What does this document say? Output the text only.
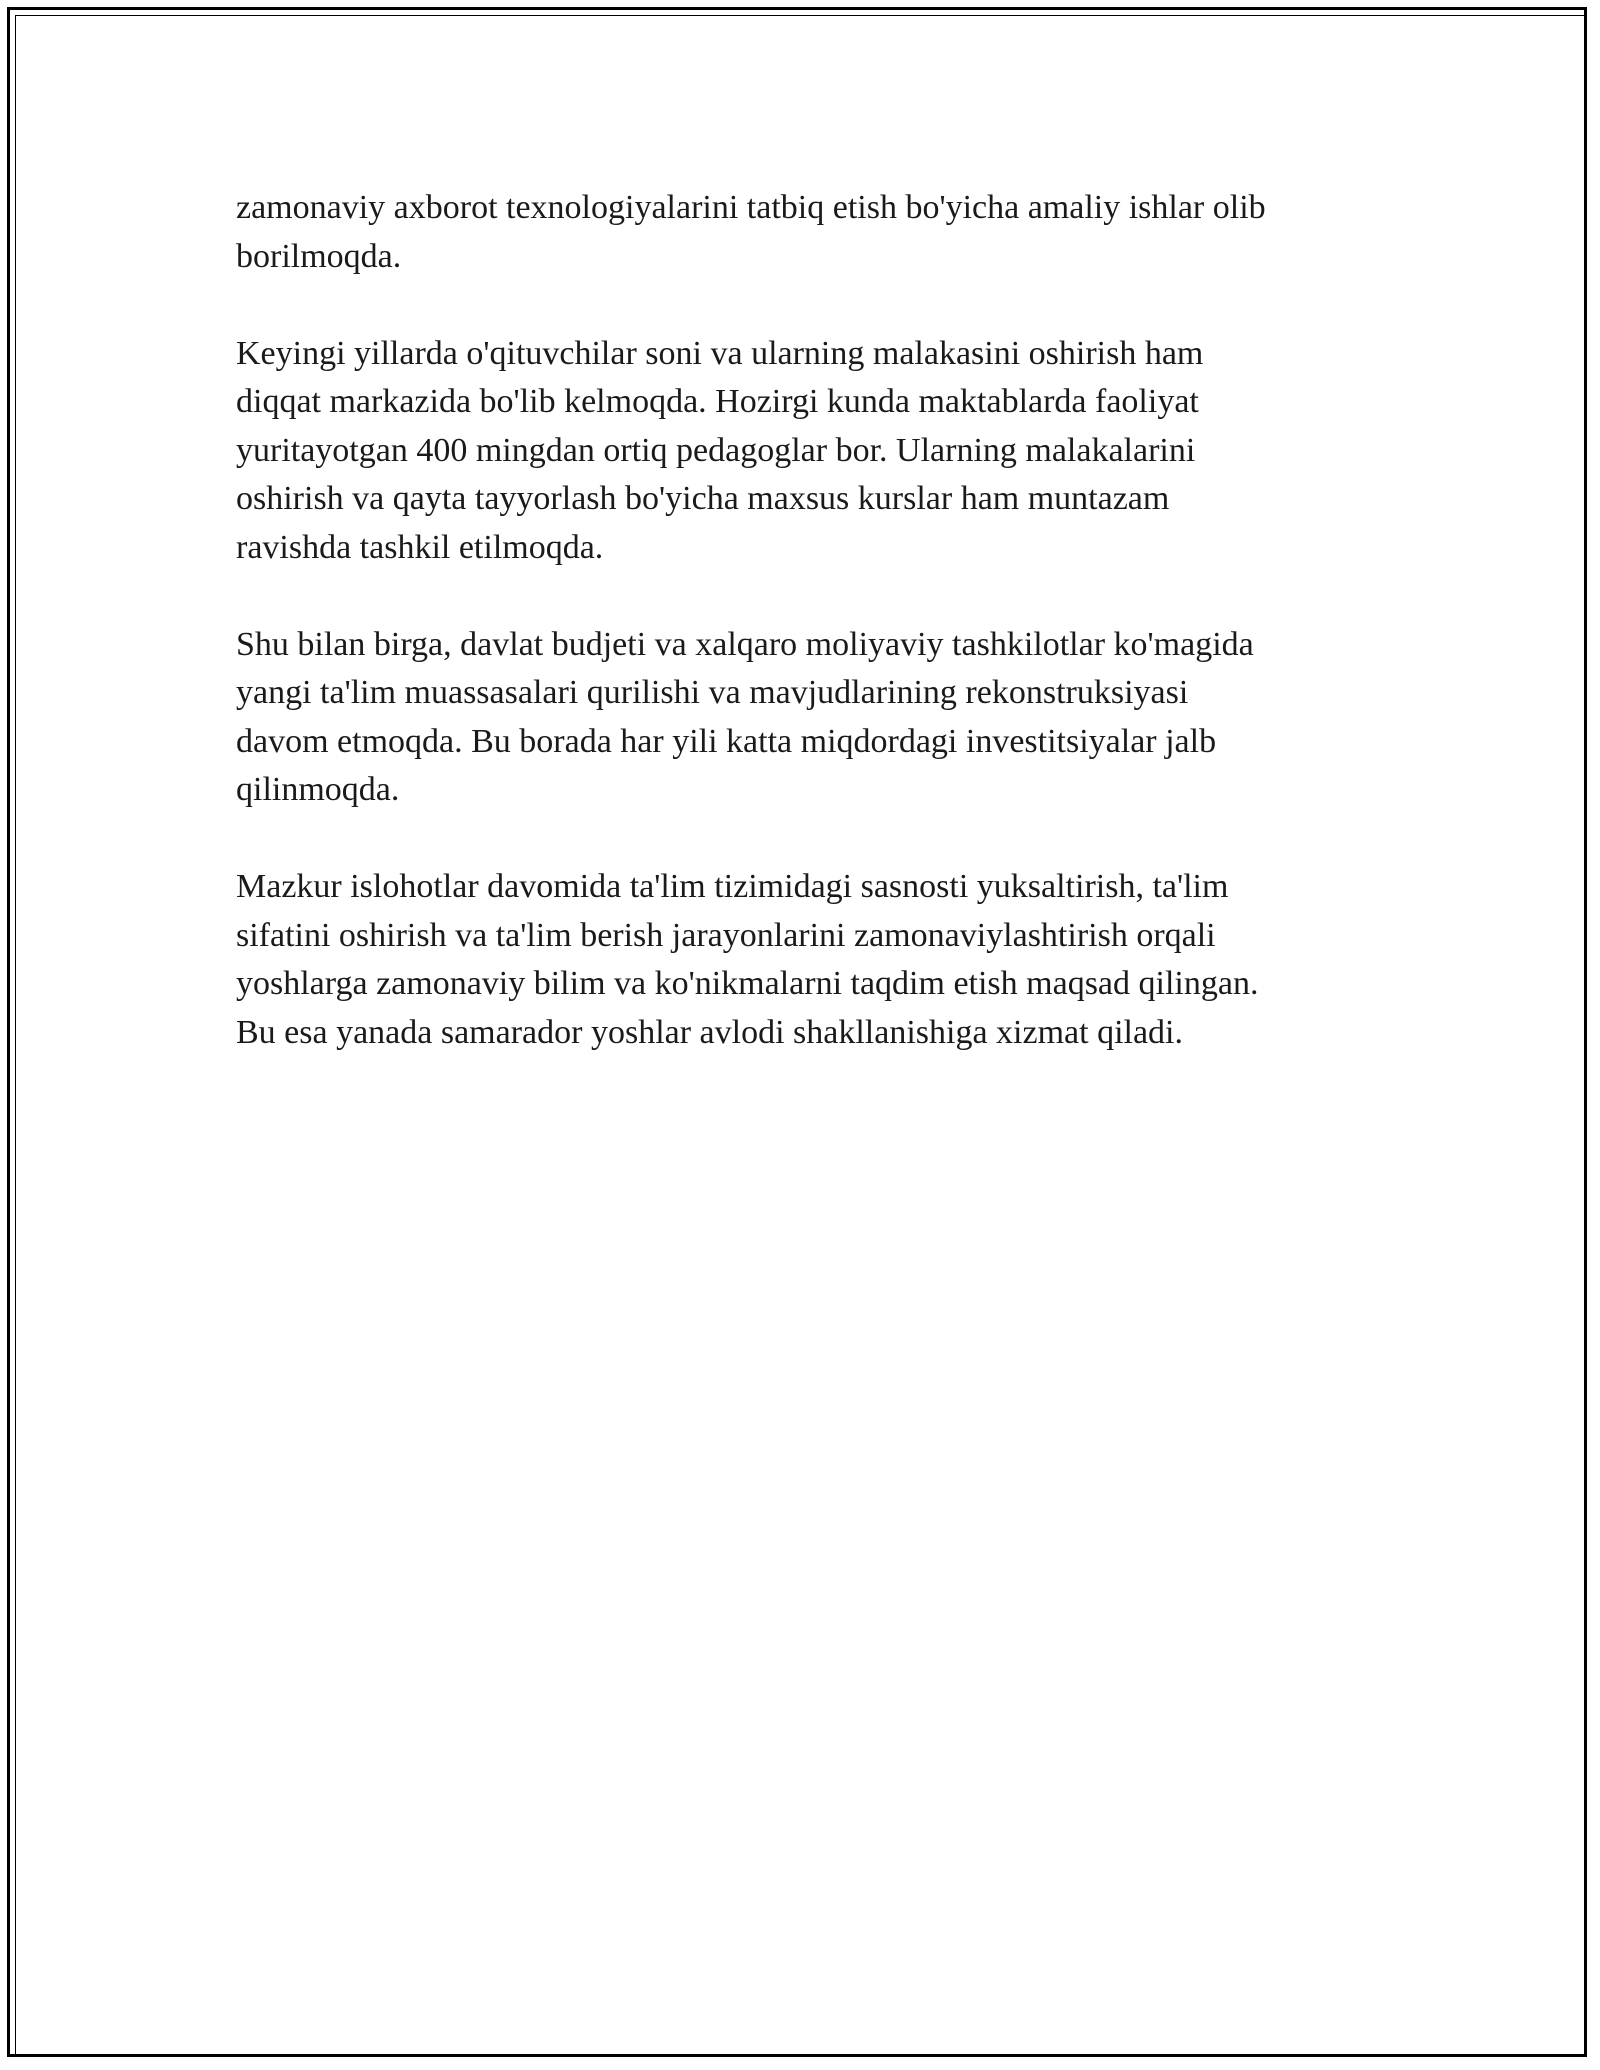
zamonaviy axborot texnologiyalarini tatbiq etish bo'yicha amaliy ishlar olib
borilmoqda.

Keyingi yillarda o'qituvchilar soni va ularning malakasini oshirish ham
diqqat markazida bo'lib kelmoqda. Hozirgi kunda maktablarda faoliyat
yuritayotgan 400 mingdan ortiq pedagoglar bor. Ularning malakalarini
oshirish va qayta tayyorlash bo'yicha maxsus kurslar ham muntazam
ravishda tashkil etilmoqda.

Shu bilan birga, davlat budjeti va xalqaro moliyaviy tashkilotlar ko'magida
yangi ta'lim muassasalari qurilishi va mavjudlarining rekonstruksiyasi
davom etmoqda. Bu borada har yili katta miqdordagi investitsiyalar jalb
qilinmoqda.

Mazkur islohotlar davomida ta'lim tizimidagi sasnosti yuksaltirish, ta'lim
sifatini oshirish va ta'lim berish jarayonlarini zamonaviylashtirish orqali
yoshlarga zamonaviy bilim va ko'nikmalarni taqdim etish maqsad qilingan.
Bu esa yanada samarador yoshlar avlodi shakllanishiga xizmat qiladi.
